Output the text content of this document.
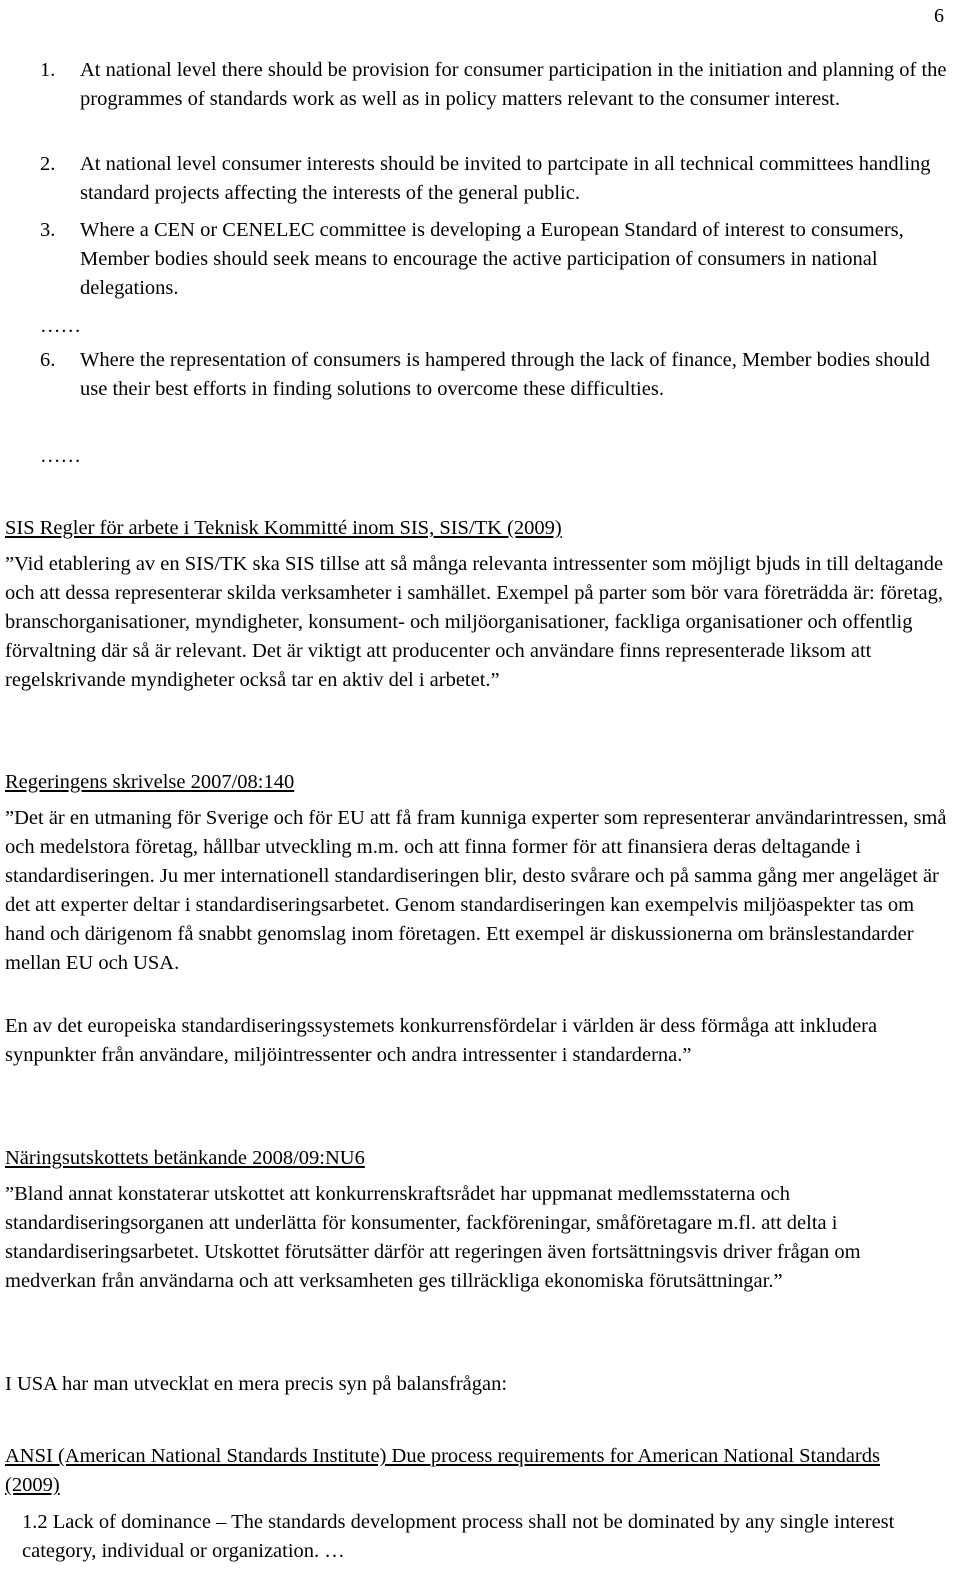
6
1. At national level there should be provision for consumer participation in the initiation and planning of the programmes of standards work as well as in policy matters relevant to the consumer interest.
2. At national level consumer interests should be invited to partcipate in all technical committees handling standard projects affecting the interests of the general public.
3. Where a CEN or CENELEC committee is developing a European Standard of interest to consumers, Member bodies should seek means to encourage the active participation of consumers in national delegations.
……
6. Where the representation of consumers is hampered through the lack of finance, Member bodies should use their best efforts in finding solutions to overcome these difficulties.
……
SIS Regler för arbete i Teknisk Kommitté inom SIS, SIS/TK (2009)
”Vid etablering av en SIS/TK ska SIS tillse att så många relevanta intressenter som möjligt bjuds in till deltagande och att dessa representerar skilda verksamheter i samhället. Exempel på parter som bör vara företrädda är: företag, branschorganisationer, myndigheter, konsument- och miljöorganisationer, fackliga organisationer och offentlig förvaltning där så är relevant. Det är viktigt att producenter och användare finns representerade liksom att regelskrivande myndigheter också tar en aktiv del i arbetet.”
Regeringens skrivelse 2007/08:140
”Det är en utmaning för Sverige och för EU att få fram kunniga experter som representerar användarintressen, små och medelstora företag, hållbar utveckling m.m. och att finna former för att finansiera deras deltagande i standardiseringen. Ju mer internationell standardiseringen blir, desto svårare och på samma gång mer angeläget är det att experter deltar i standardiseringsarbetet. Genom standardiseringen kan exempelvis miljöaspekter tas om hand och därigenom få snabbt genomslag inom företagen. Ett exempel är diskussionerna om bränslestandarder mellan EU och USA.
En av det europeiska standardiseringssystemets konkurrensfördelar i världen är dess förmåga att inkludera synpunkter från användare, miljöintressenter och andra intressenter i standarderna.”
Näringsutskottets betänkande 2008/09:NU6
”Bland annat konstaterar utskottet att konkurrenskraftsrådet har uppmanat medlemsstaterna och standardiseringsorganen att underlätta för konsumenter, fackföreningar, småföretagare m.fl. att delta i standardiseringsarbetet. Utskottet förutsätter därför att regeringen även fortsättningsvis driver frågan om medverkan från användarna och att verksamheten ges tillräckliga ekonomiska förutsättningar.”
I USA har man utvecklat en mera precis syn på balansfrågan:
ANSI (American National Standards Institute) Due process requirements for American National Standards (2009)
1.2 Lack of dominance – The standards development process shall not be dominated by any single interest category, individual or organization. …
